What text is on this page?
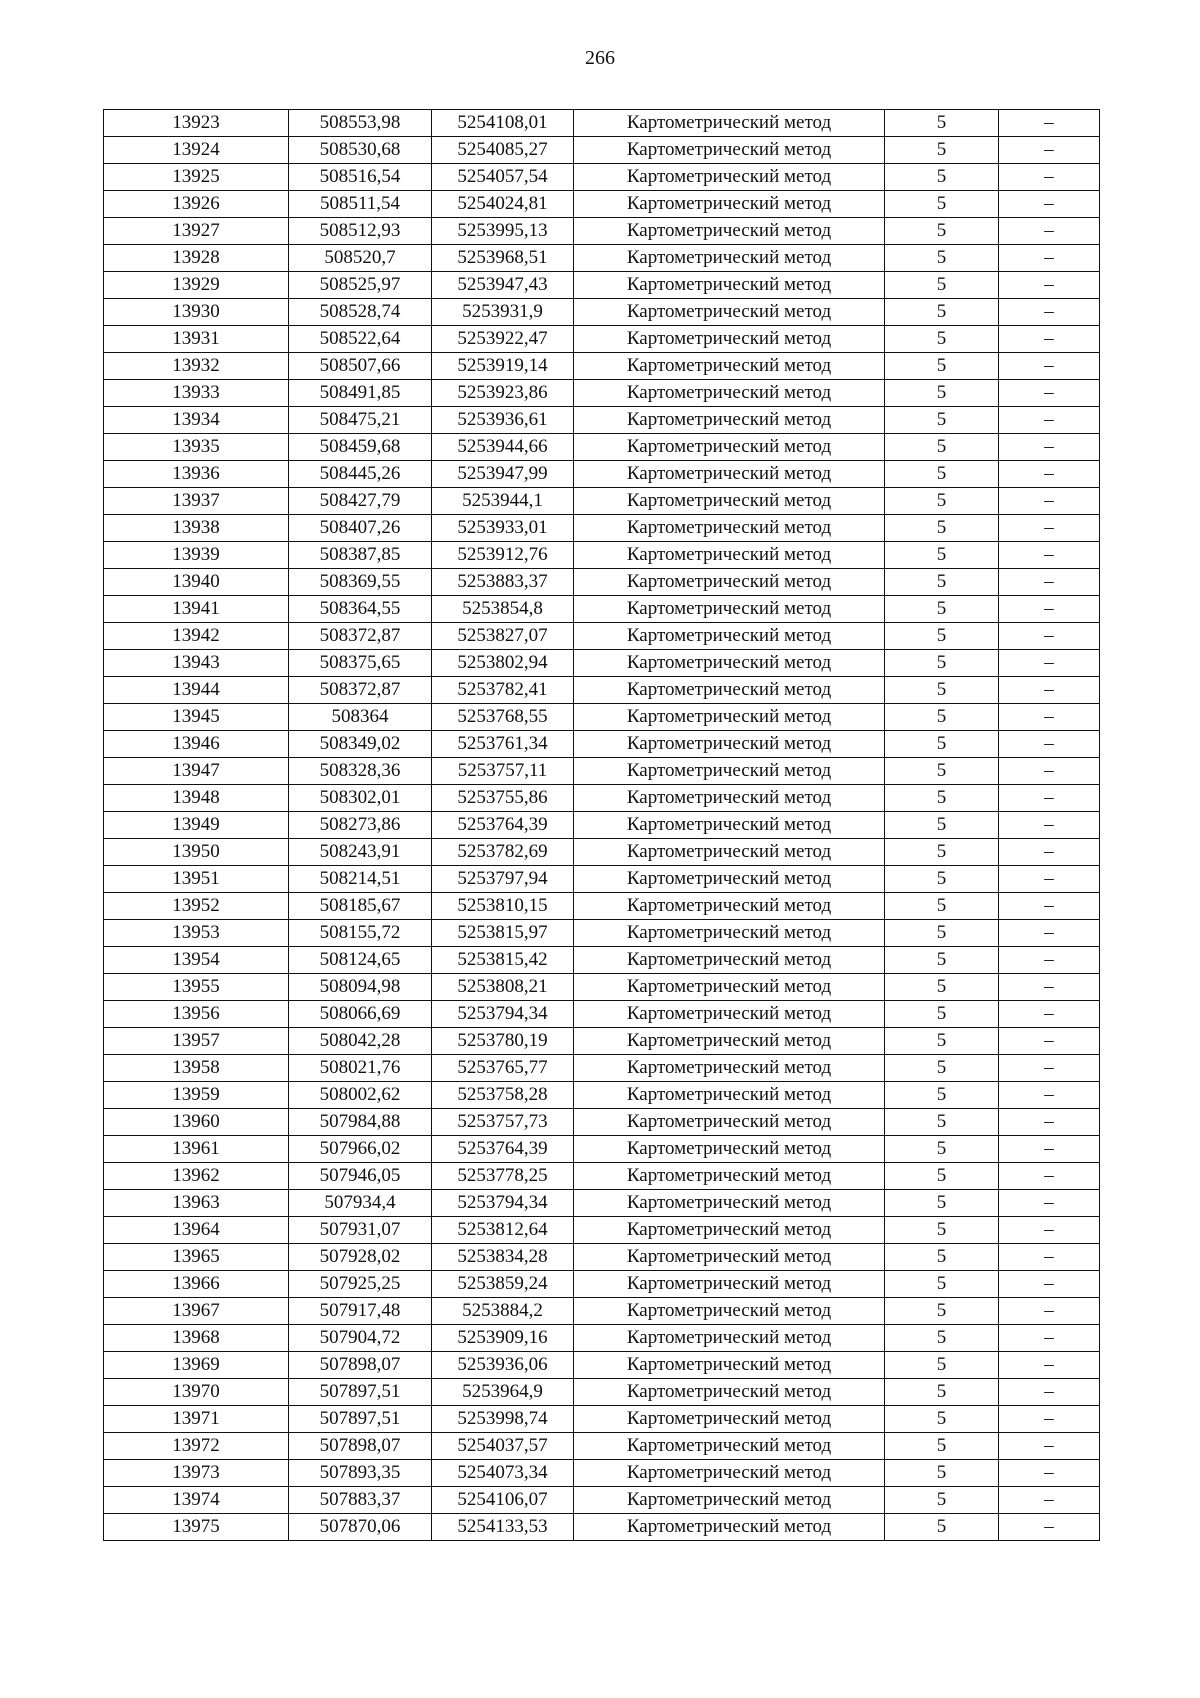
266
13923	508553,98	5254108,01	Картометрический метод	5	–
13924	508530,68	5254085,27	Картометрический метод	5	–
13925	508516,54	5254057,54	Картометрический метод	5	–
13926	508511,54	5254024,81	Картометрический метод	5	–
13927	508512,93	5253995,13	Картометрический метод	5	–
13928	508520,7	5253968,51	Картометрический метод	5	–
13929	508525,97	5253947,43	Картометрический метод	5	–
13930	508528,74	5253931,9	Картометрический метод	5	–
13931	508522,64	5253922,47	Картометрический метод	5	–
13932	508507,66	5253919,14	Картометрический метод	5	–
13933	508491,85	5253923,86	Картометрический метод	5	–
13934	508475,21	5253936,61	Картометрический метод	5	–
13935	508459,68	5253944,66	Картометрический метод	5	–
13936	508445,26	5253947,99	Картометрический метод	5	–
13937	508427,79	5253944,1	Картометрический метод	5	–
13938	508407,26	5253933,01	Картометрический метод	5	–
13939	508387,85	5253912,76	Картометрический метод	5	–
13940	508369,55	5253883,37	Картометрический метод	5	–
13941	508364,55	5253854,8	Картометрический метод	5	–
13942	508372,87	5253827,07	Картометрический метод	5	–
13943	508375,65	5253802,94	Картометрический метод	5	–
13944	508372,87	5253782,41	Картометрический метод	5	–
13945	508364	5253768,55	Картометрический метод	5	–
13946	508349,02	5253761,34	Картометрический метод	5	–
13947	508328,36	5253757,11	Картометрический метод	5	–
13948	508302,01	5253755,86	Картометрический метод	5	–
13949	508273,86	5253764,39	Картометрический метод	5	–
13950	508243,91	5253782,69	Картометрический метод	5	–
13951	508214,51	5253797,94	Картометрический метод	5	–
13952	508185,67	5253810,15	Картометрический метод	5	–
13953	508155,72	5253815,97	Картометрический метод	5	–
13954	508124,65	5253815,42	Картометрический метод	5	–
13955	508094,98	5253808,21	Картометрический метод	5	–
13956	508066,69	5253794,34	Картометрический метод	5	–
13957	508042,28	5253780,19	Картометрический метод	5	–
13958	508021,76	5253765,77	Картометрический метод	5	–
13959	508002,62	5253758,28	Картометрический метод	5	–
13960	507984,88	5253757,73	Картометрический метод	5	–
13961	507966,02	5253764,39	Картометрический метод	5	–
13962	507946,05	5253778,25	Картометрический метод	5	–
13963	507934,4	5253794,34	Картометрический метод	5	–
13964	507931,07	5253812,64	Картометрический метод	5	–
13965	507928,02	5253834,28	Картометрический метод	5	–
13966	507925,25	5253859,24	Картометрический метод	5	–
13967	507917,48	5253884,2	Картометрический метод	5	–
13968	507904,72	5253909,16	Картометрический метод	5	–
13969	507898,07	5253936,06	Картометрический метод	5	–
13970	507897,51	5253964,9	Картометрический метод	5	–
13971	507897,51	5253998,74	Картометрический метод	5	–
13972	507898,07	5254037,57	Картометрический метод	5	–
13973	507893,35	5254073,34	Картометрический метод	5	–
13974	507883,37	5254106,07	Картометрический метод	5	–
13975	507870,06	5254133,53	Картометрический метод	5	–
